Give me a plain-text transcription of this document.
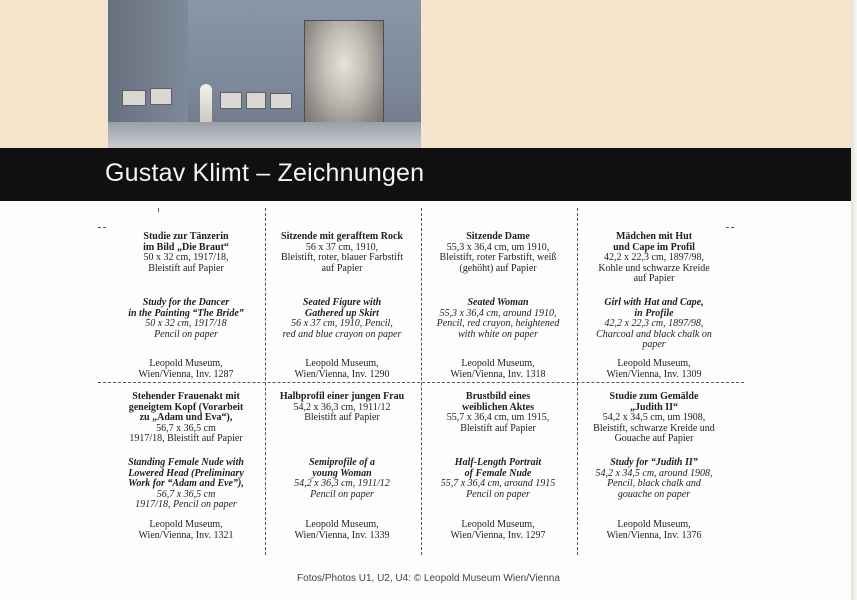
Gustav Klimt – Zeichnungen
Studie zur Tänzerin
im Bild „Die Braut“
50 x 32 cm, 1917/18,
Bleistift auf Papier
Study for the Dancer
in the Painting “The Bride”
50 x 32 cm, 1917/18
Pencil on paper
Leopold Museum,
Wien/Vienna, Inv. 1287
Sitzende mit gerafftem Rock
56 x 37 cm, 1910,
Bleistift, roter, blauer Farbstift
auf Papier
Seated Figure with
Gathered up Skirt
56 x 37 cm, 1910, Pencil,
red and blue crayon on paper
Leopold Museum,
Wien/Vienna, Inv. 1290
Sitzende Dame
55,3 x 36,4 cm, um 1910,
Bleistift, roter Farbstift, weiß
(gehöht) auf Papier
Seated Woman
55,3 x 36,4 cm, around 1910,
Pencil, red crayon, heightened
with white on paper
Leopold Museum,
Wien/Vienna, Inv. 1318
Mädchen mit Hut
und Cape im Profil
42,2 x 22,3 cm, 1897/98,
Kohle und schwarze Kreide
auf Papier
Girl with Hat and Cape,
in Profile
42,2 x 22,3 cm, 1897/98,
Charcoal and black chalk on
paper
Leopold Museum,
Wien/Vienna, Inv. 1309
Stehender Frauenakt mit
geneigtem Kopf (Vorarbeit
zu „Adam und Eva“),
56,7 x 36,5 cm
1917/18, Bleistift auf Papier
Standing Female Nude with
Lowered Head (Preliminary
Work for “Adam and Eve”),
56,7 x 36,5 cm
1917/18, Pencil on paper
Leopold Museum,
Wien/Vienna, Inv. 1321
Halbprofil einer jungen Frau
54,2 x 36,3 cm, 1911/12
Bleistift auf Papier
Semiprofile of a
young Woman
54,2 x 36,3 cm, 1911/12
Pencil on paper
Leopold Museum,
Wien/Vienna, Inv. 1339
Brustbild eines
weiblichen Aktes
55,7 x 36,4 cm, um 1915,
Bleistift auf Papier
Half-Length Portrait
of Female Nude
55,7 x 36,4 cm, around 1915
Pencil on paper
Leopold Museum,
Wien/Vienna, Inv. 1297
Studie zum Gemälde
„Judith II“
54,2 x 34,5 cm, um 1908,
Bleistift, schwarze Kreide und
Gouache auf Papier
Study for “Judith II”
54,2 x 34,5 cm, around 1908,
Pencil, black chalk and
gouache on paper
Leopold Museum,
Wien/Vienna, Inv. 1376
Fotos/Photos U1, U2, U4: © Leopold Museum Wien/Vienna
